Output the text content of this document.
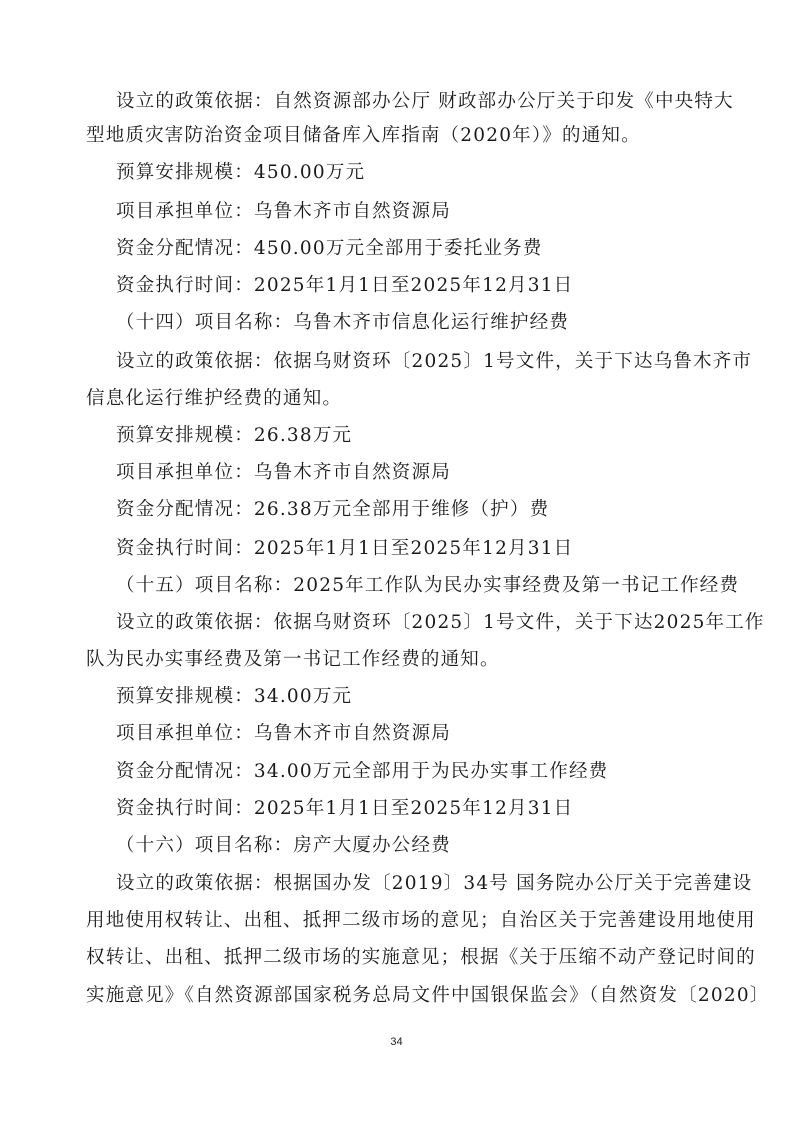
设立的政策依据：自然资源部办公厅 财政部办公厅关于印发《中央特大
型地质灾害防治资金项目储备库入库指南（2020年）》的通知。
预算安排规模：450.00万元
项目承担单位：乌鲁木齐市自然资源局
资金分配情况：450.00万元全部用于委托业务费
资金执行时间：2025年1月1日至2025年12月31日
（十四）项目名称：乌鲁木齐市信息化运行维护经费
设立的政策依据：依据乌财资环〔2025〕1号文件，关于下达乌鲁木齐市
信息化运行维护经费的通知。
预算安排规模：26.38万元
项目承担单位：乌鲁木齐市自然资源局
资金分配情况：26.38万元全部用于维修（护）费
资金执行时间：2025年1月1日至2025年12月31日
（十五）项目名称：2025年工作队为民办实事经费及第一书记工作经费
设立的政策依据：依据乌财资环〔2025〕1号文件，关于下达2025年工作
队为民办实事经费及第一书记工作经费的通知。
预算安排规模：34.00万元
项目承担单位：乌鲁木齐市自然资源局
资金分配情况：34.00万元全部用于为民办实事工作经费
资金执行时间：2025年1月1日至2025年12月31日
（十六）项目名称：房产大厦办公经费
设立的政策依据：根据国办发〔2019〕34号 国务院办公厅关于完善建设
用地使用权转让、出租、抵押二级市场的意见；自治区关于完善建设用地使用
权转让、出租、抵押二级市场的实施意见；根据《关于压缩不动产登记时间的
实施意见》《自然资源部国家税务总局文件中国银保监会》（自然资发〔2020〕
34
